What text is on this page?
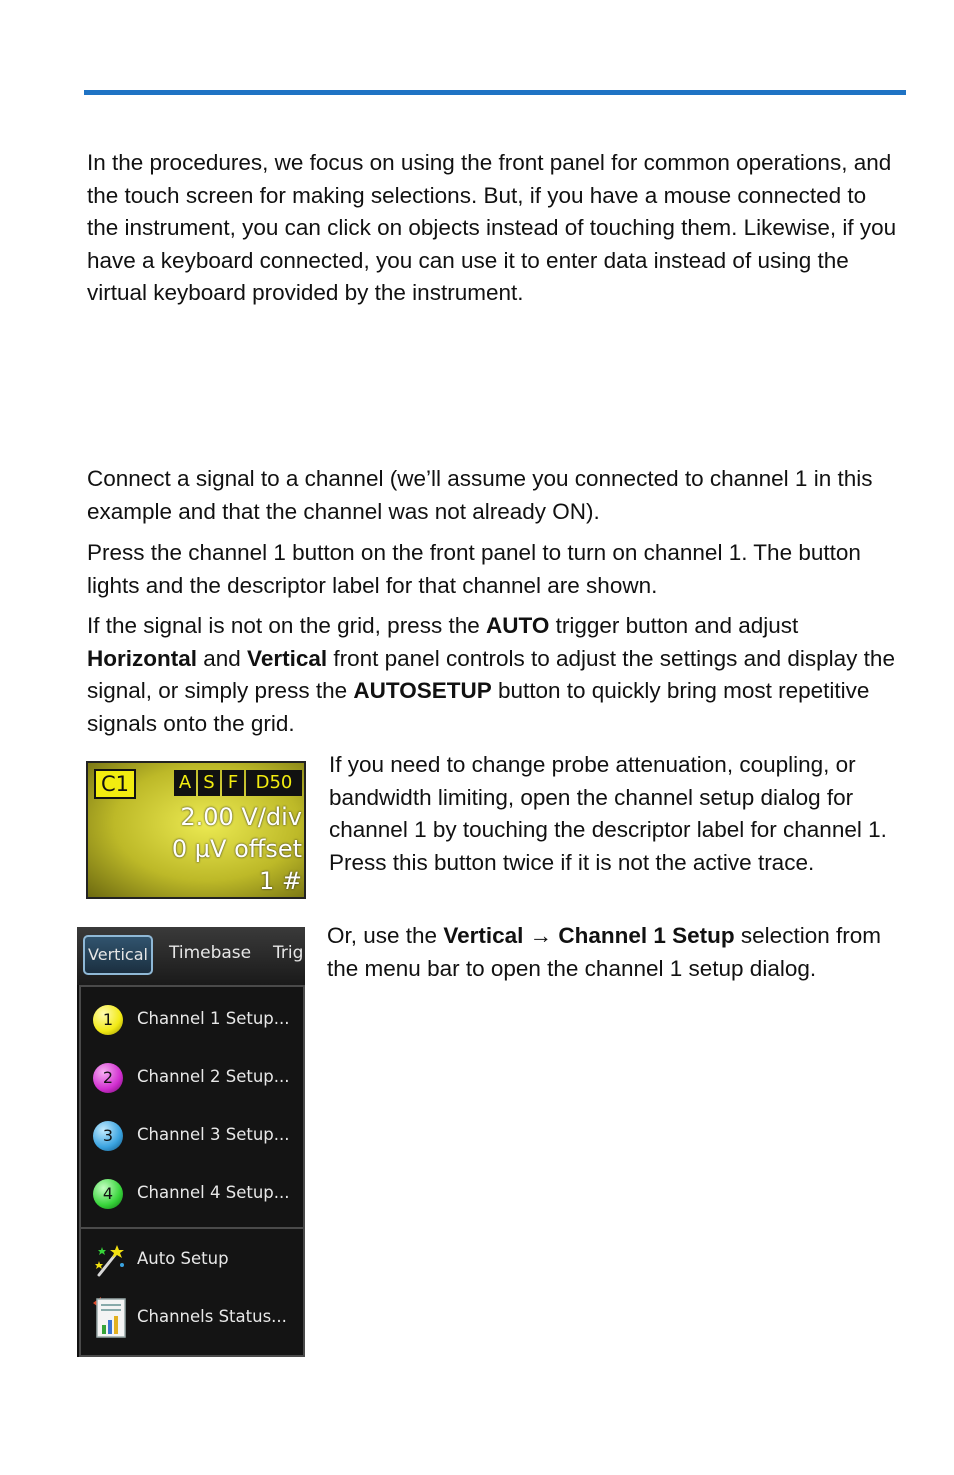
In the procedures, we focus on using the front panel for common operations, and the touch screen for making selections. But, if you have a mouse connected to the instrument, you can click on objects instead of touching them. Likewise, if you have a keyboard connected, you can use it to enter data instead of using the virtual keyboard provided by the instrument.

Connect a signal to a channel (we’ll assume you connected to channel 1 in this example and that the channel was not already ON).

Press the channel 1 button on the front panel to turn on channel 1. The button lights and the descriptor label for that channel are shown.

If the signal is not on the grid, press the AUTO trigger button and adjust Horizontal and Vertical front panel controls to adjust the settings and display the signal, or simply press the AUTOSETUP button to quickly bring most repetitive signals onto the grid.

C1	A S F D50
2.00 V/div
0 µV offset
1 #

If you need to change probe attenuation, coupling, or bandwidth limiting, open the channel setup dialog for channel 1 by touching the descriptor label for channel 1. Press this button twice if it is not the active trace.

Vertical Timebase Trig
1	Channel 1 Setup...
2	Channel 2 Setup...
3	Channel 3 Setup...
4	Channel 4 Setup...
Auto Setup
Channels Status...

Or, use the Vertical → Channel 1 Setup selection from the menu bar to open the channel 1 setup dialog.
